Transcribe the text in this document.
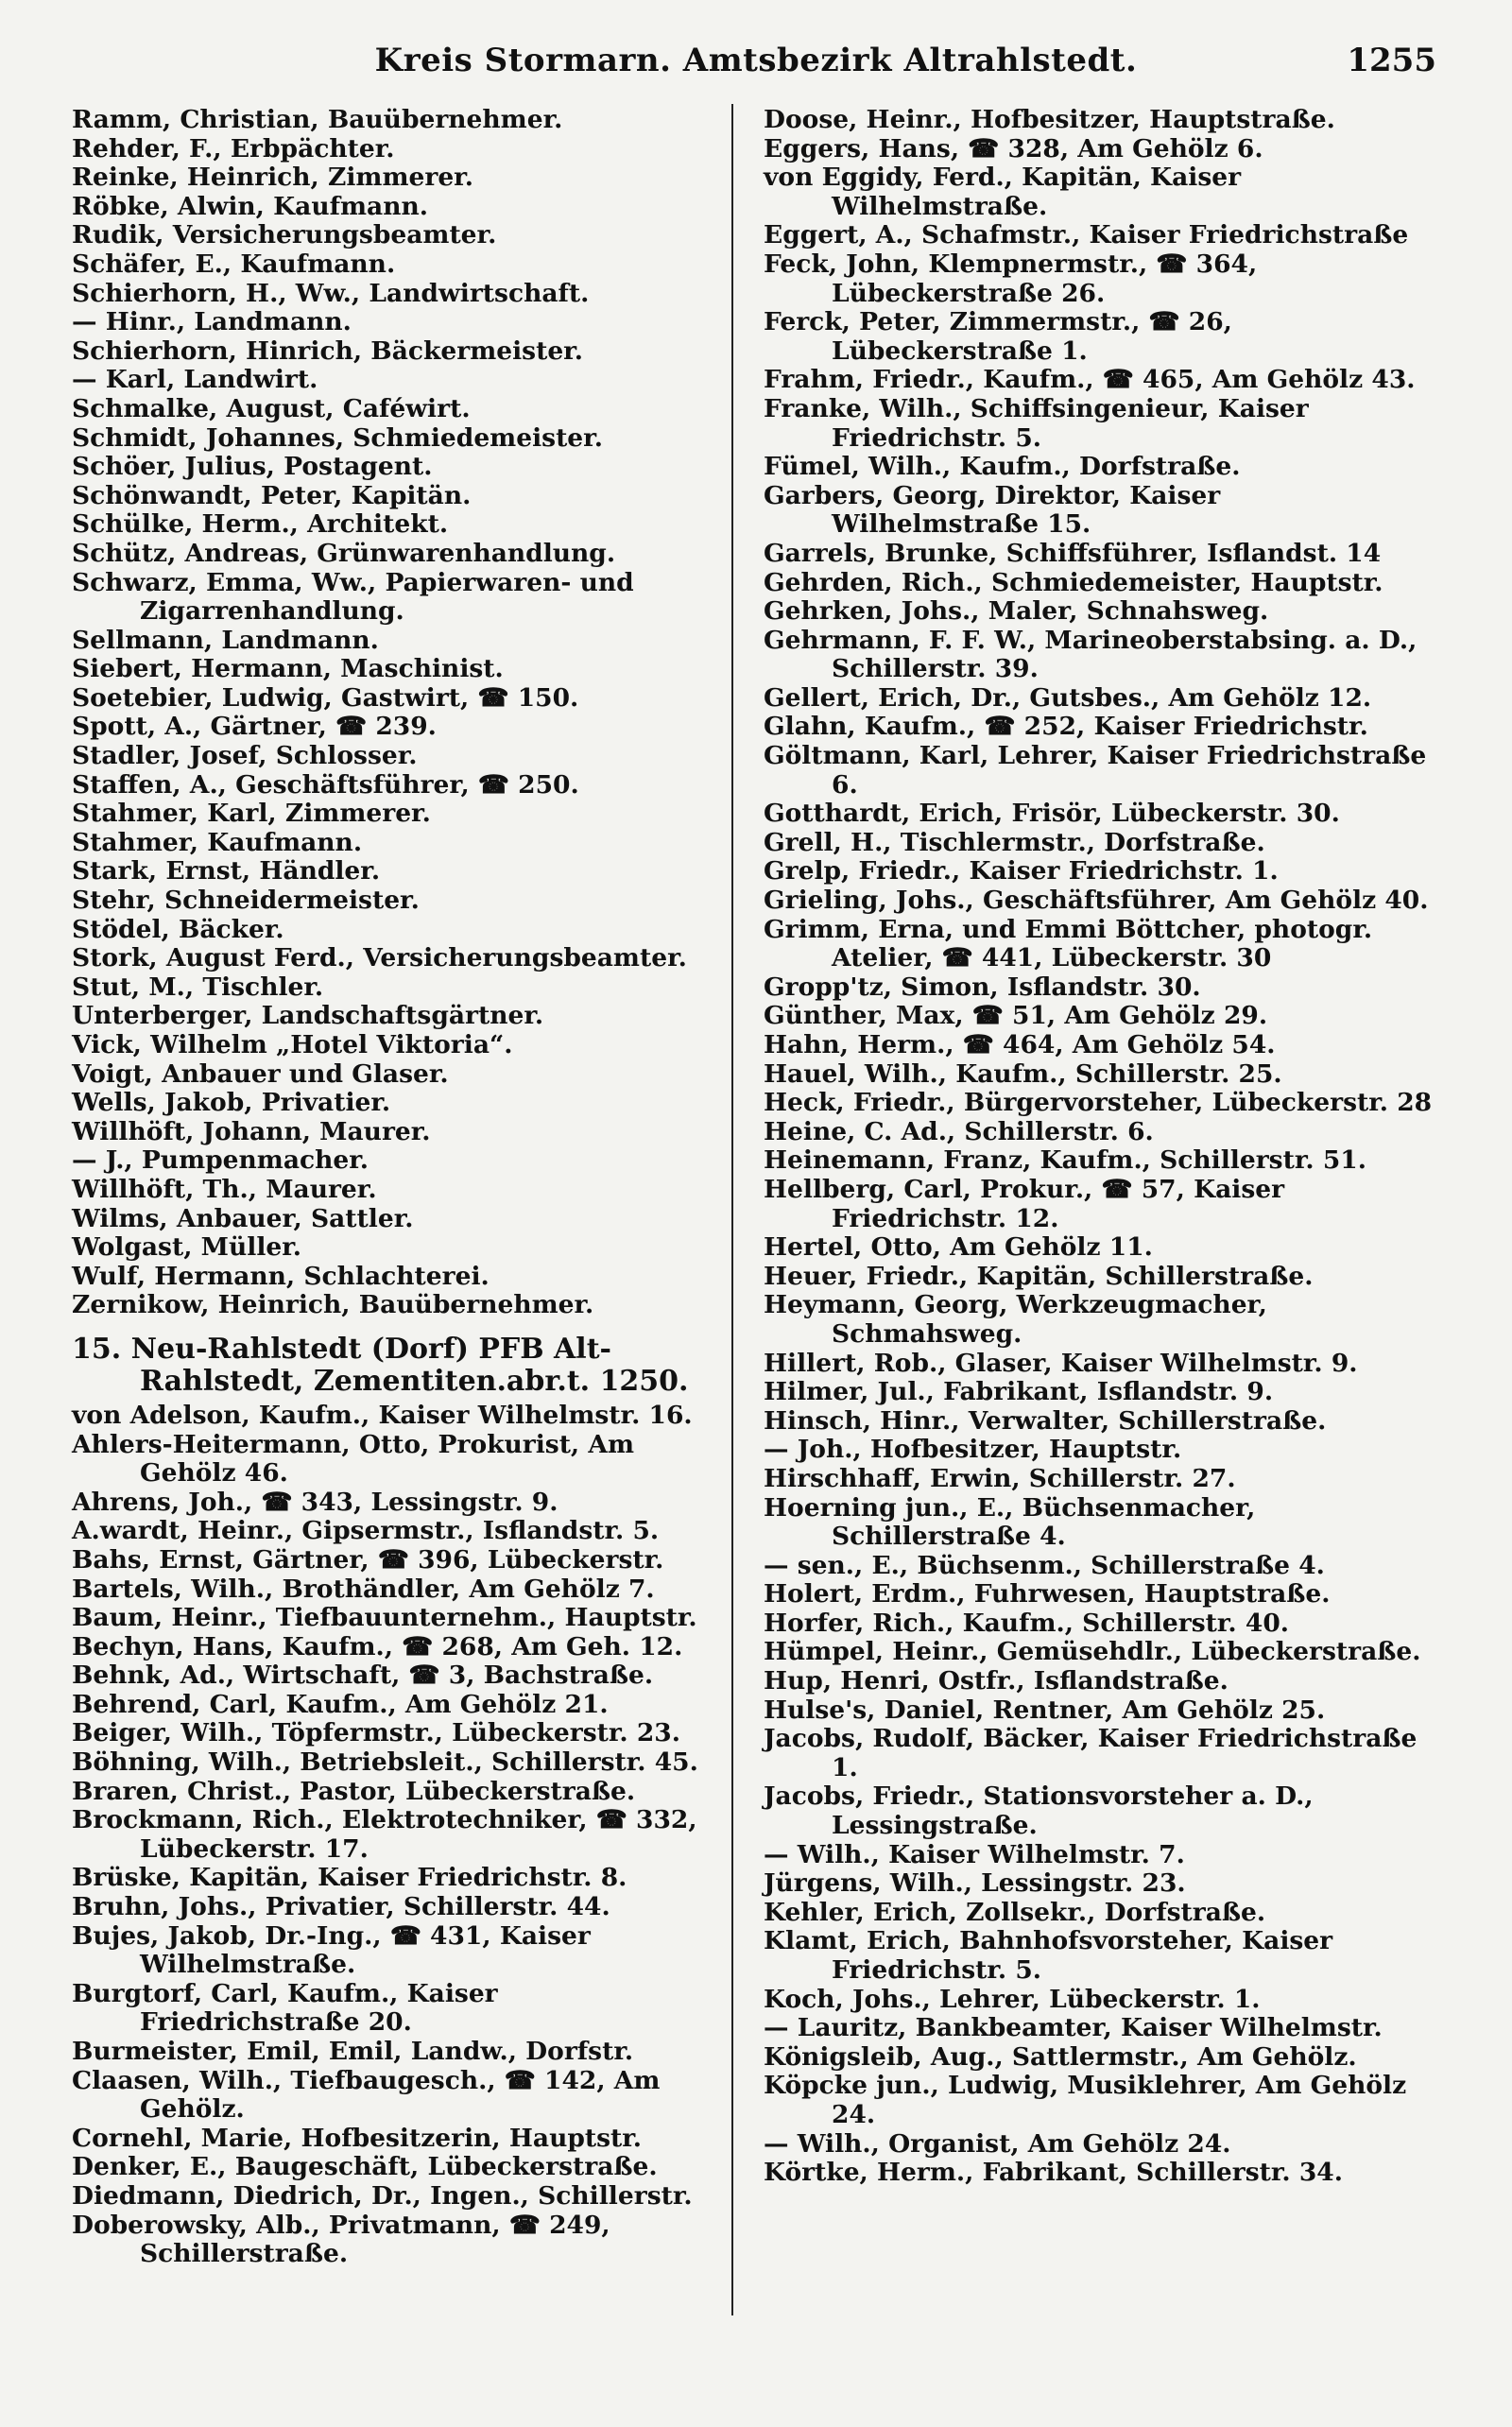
Kreis Stormarn. Amtsbezirk Altrahlstedt.	1255
Ramm, Christian, Bauübernehmer.
Rehder, F., Erbpächter.
Reinke, Heinrich, Zimmerer.
Röbke, Alwin, Kaufmann.
Rudik, Versicherungsbeamter.
Schäfer, E., Kaufmann.
Schierhorn, H., Ww., Landwirtschaft.
— Hinr., Landmann.
Schierhorn, Hinrich, Bäckermeister.
— Karl, Landwirt.
Schmalke, August, Caféwirt.
Schmidt, Johannes, Schmiedemeister.
Schöer, Julius, Postagent.
Schönwandt, Peter, Kapitän.
Schülke, Herm., Architekt.
Schütz, Andreas, Grünwarenhandlung.
Schwarz, Emma, Ww., Papierwaren- und Zigarrenhandlung.
Sellmann, Landmann.
Siebert, Hermann, Maschinist.
Soetebier, Ludwig, Gastwirt, ☎ 150.
Spott, A., Gärtner, ☎ 239.
Stadler, Josef, Schlosser.
Staffen, A., Geschäftsführer, ☎ 250.
Stahmer, Karl, Zimmerer.
Stahmer, Kaufmann.
Stark, Ernst, Händler.
Stehr, Schneidermeister.
Stödel, Bäcker.
Stork, August Ferd., Versicherungsbeamter.
Stut, M., Tischler.
Unterberger, Landschaftsgärtner.
Vick, Wilhelm „Hotel Viktoria“.
Voigt, Anbauer und Glaser.
Wells, Jakob, Privatier.
Willhöft, Johann, Maurer.
— J., Pumpenmacher.
Willhöft, Th., Maurer.
Wilms, Anbauer, Sattler.
Wolgast, Müller.
Wulf, Hermann, Schlachterei.
Zernikow, Heinrich, Bauübernehmer.
15. Neu-Rahlstedt (Dorf) PFB Alt-Rahlstedt, Zementiten.abr.t. 1250.
von Adelson, Kaufm., Kaiser Wilhelmstr. 16.
Ahlers-Heitermann, Otto, Prokurist, Am Gehölz 46.
Ahrens, Joh., ☎ 343, Lessingstr. 9.
A.wardt, Heinr., Gipsermstr., Isflandstr. 5.
Bahs, Ernst, Gärtner, ☎ 396, Lübeckerstr.
Bartels, Wilh., Brothändler, Am Gehölz 7.
Baum, Heinr., Tiefbauunternehm., Hauptstr.
Bechyn, Hans, Kaufm., ☎ 268, Am Geh. 12.
Behnk, Ad., Wirtschaft, ☎ 3, Bachstraße.
Behrend, Carl, Kaufm., Am Gehölz 21.
Beiger, Wilh., Töpfermstr., Lübeckerstr. 23.
Böhning, Wilh., Betriebsleit., Schillerstr. 45.
Braren, Christ., Pastor, Lübeckerstraße.
Brockmann, Rich., Elektrotechniker, ☎ 332, Lübeckerstr. 17.
Brüske, Kapitän, Kaiser Friedrichstr. 8.
Bruhn, Johs., Privatier, Schillerstr. 44.
Bujes, Jakob, Dr.-Ing., ☎ 431, Kaiser Wilhelmstraße.
Burgtorf, Carl, Kaufm., Kaiser Friedrichstraße 20.
Burmeister, Emil, Emil, Landw., Dorfstr.
Claasen, Wilh., Tiefbaugesch., ☎ 142, Am Gehölz.
Cornehl, Marie, Hofbesitzerin, Hauptstr.
Denker, E., Baugeschäft, Lübeckerstraße.
Diedmann, Diedrich, Dr., Ingen., Schillerstr.
Doberowsky, Alb., Privatmann, ☎ 249, Schillerstraße.
Doose, Heinr., Hofbesitzer, Hauptstraße.
Eggers, Hans, ☎ 328, Am Gehölz 6.
von Eggidy, Ferd., Kapitän, Kaiser Wilhelmstraße.
Eggert, A., Schafmstr., Kaiser Friedrichstraße
Feck, John, Klempnermstr., ☎ 364, Lübeckerstraße 26.
Ferck, Peter, Zimmermstr., ☎ 26, Lübeckerstraße 1.
Frahm, Friedr., Kaufm., ☎ 465, Am Gehölz 43.
Franke, Wilh., Schiffsingenieur, Kaiser Friedrichstr. 5.
Fümel, Wilh., Kaufm., Dorfstraße.
Garbers, Georg, Direktor, Kaiser Wilhelmstraße 15.
Garrels, Brunke, Schiffsführer, Isflandst. 14
Gehrden, Rich., Schmiedemeister, Hauptstr.
Gehrken, Johs., Maler, Schnahsweg.
Gehrmann, F. F. W., Marineoberstabsing. a. D., Schillerstr. 39.
Gellert, Erich, Dr., Gutsbes., Am Gehölz 12.
Glahn, Kaufm., ☎ 252, Kaiser Friedrichstr.
Göltmann, Karl, Lehrer, Kaiser Friedrichstraße 6.
Gotthardt, Erich, Frisör, Lübeckerstr. 30.
Grell, H., Tischlermstr., Dorfstraße.
Grelp, Friedr., Kaiser Friedrichstr. 1.
Grieling, Johs., Geschäftsführer, Am Gehölz 40.
Grimm, Erna, und Emmi Böttcher, photogr. Atelier, ☎ 441, Lübeckerstr. 30
Gropp'tz, Simon, Isflandstr. 30.
Günther, Max, ☎ 51, Am Gehölz 29.
Hahn, Herm., ☎ 464, Am Gehölz 54.
Hauel, Wilh., Kaufm., Schillerstr. 25.
Heck, Friedr., Bürgervorsteher, Lübeckerstr. 28
Heine, C. Ad., Schillerstr. 6.
Heinemann, Franz, Kaufm., Schillerstr. 51.
Hellberg, Carl, Prokur., ☎ 57, Kaiser Friedrichstr. 12.
Hertel, Otto, Am Gehölz 11.
Heuer, Friedr., Kapitän, Schillerstraße.
Heymann, Georg, Werkzeugmacher, Schmahsweg.
Hillert, Rob., Glaser, Kaiser Wilhelmstr. 9.
Hilmer, Jul., Fabrikant, Isflandstr. 9.
Hinsch, Hinr., Verwalter, Schillerstraße.
— Joh., Hofbesitzer, Hauptstr.
Hirschhaff, Erwin, Schillerstr. 27.
Hoerning jun., E., Büchsenmacher, Schillerstraße 4.
— sen., E., Büchsenm., Schillerstraße 4.
Holert, Erdm., Fuhrwesen, Hauptstraße.
Horfer, Rich., Kaufm., Schillerstr. 40.
Hümpel, Heinr., Gemüsehdlr., Lübeckerstraße.
Hup, Henri, Ostfr., Isflandstraße.
Hulse's, Daniel, Rentner, Am Gehölz 25.
Jacobs, Rudolf, Bäcker, Kaiser Friedrichstraße 1.
Jacobs, Friedr., Stationsvorsteher a. D., Lessingstraße.
— Wilh., Kaiser Wilhelmstr. 7.
Jürgens, Wilh., Lessingstr. 23.
Kehler, Erich, Zollsekr., Dorfstraße.
Klamt, Erich, Bahnhofsvorsteher, Kaiser Friedrichstr. 5.
Koch, Johs., Lehrer, Lübeckerstr. 1.
— Lauritz, Bankbeamter, Kaiser Wilhelmstr.
Königsleib, Aug., Sattlermstr., Am Gehölz.
Köpcke jun., Ludwig, Musiklehrer, Am Gehölz 24.
— Wilh., Organist, Am Gehölz 24.
Körtke, Herm., Fabrikant, Schillerstr. 34.
